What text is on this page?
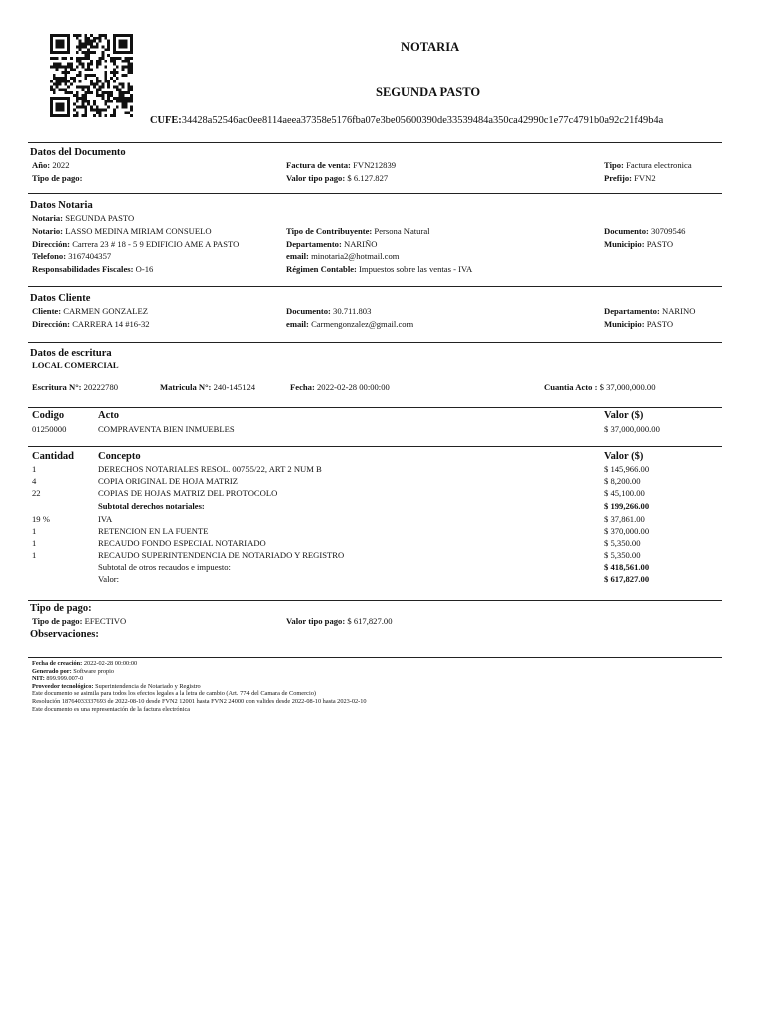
NOTARIA
SEGUNDA PASTO
CUFE:34428a52546ac0ee8114aeea37358e5176fba07e3be05600390de33539484a350ca42990c1e77c4791b0a92c21f49b4a
Datos del Documento
Año: 2022
Tipo de pago:
Factura de venta: FVN212839
Valor tipo pago: $ 6.127.827
Tipo: Factura electronica
Prefijo: FVN2
Datos Notaria
Notaria: SEGUNDA PASTO
Notario: LASSO MEDINA MIRIAM CONSUELO
Dirección: Carrera 23 # 18 - 5 9 EDIFICIO AME A PASTO
Telefono: 3167404357
Responsabilidades Fiscales: O-16
Tipo de Contribuyente: Persona Natural
Departamento: NARIÑO
email: minotaria2@hotmail.com
Régimen Contable: Impuestos sobre las ventas - IVA
Documento: 30709546
Municipio: PASTO
Datos Cliente
Cliente: CARMEN GONZALEZ
Dirección: CARRERA 14 #16-32
Documento: 30.711.803
email: Carmengonzalez@gmail.com
Departamento: NARINO
Municipio: PASTO
Datos de escritura
LOCAL COMERCIAL
Escritura N°: 20222780	Matricula N°: 240-145124	Fecha: 2022-02-28 00:00:00	Cuantia Acto : $ 37,000,000.00
Codigo	Acto	Valor ($)
01250000	COMPRAVENTA BIEN INMUEBLES	$ 37,000,000.00
Cantidad Concepto	Valor ($)
1	DERECHOS NOTARIALES RESOL. 00755/22, ART 2 NUM B	$ 145,966.00
4	COPIA ORIGINAL DE HOJA MATRIZ	$ 8,200.00
22	COPIAS DE HOJAS MATRIZ DEL PROTOCOLO	$ 45,100.00
Subtotal derechos notariales:	$ 199,266.00
19 %	IVA	$ 37,861.00
1	RETENCION EN LA FUENTE	$ 370,000.00
1	RECAUDO FONDO ESPECIAL NOTARIADO	$ 5,350.00
1	RECAUDO SUPERINTENDENCIA DE NOTARIADO Y REGISTRO	$ 5,350.00
Subtotal de otros recaudos e impuesto:	$ 418,561.00
Valor:	$ 617,827.00
Tipo de pago:
Tipo de pago: EFECTIVO	Valor tipo pago: $ 617,827.00
Observaciones:
Fecha de creación: 2022-02-28 00:00:00
Generado por: Software propio
NIT: 899.999.007-0
Proveedor tecnológico: Superintendencia de Notariado y Registro
Este documento se asimila para todos los efectos legales a la letra de cambio (Art. 774 del Camara de Comercio)
Resolución 18764033337693 de 2022-08-10 desde FVN2 12001 hasta FVN2 24000 con valides desde 2022-08-10 hasta 2023-02-10
Este documento es una representación de la factura electrónica
